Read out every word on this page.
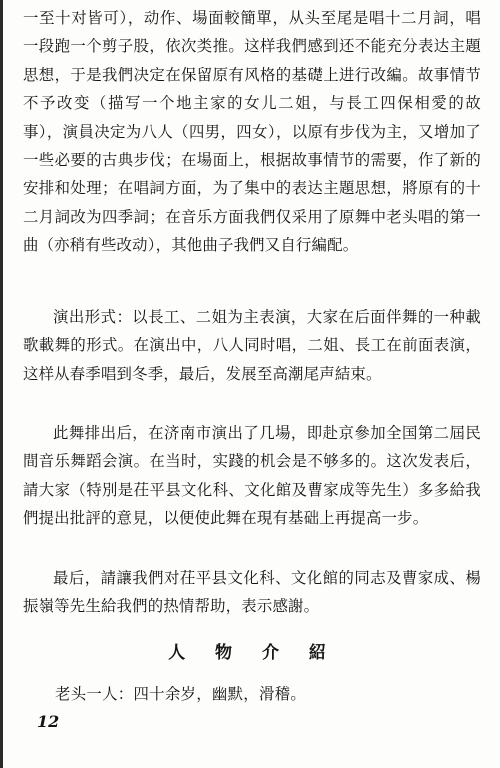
一至十对皆可），动作、場面較簡單，从头至尾是唱十二月詞，唱一段跑一个剪子股，依次类推。这样我們感到还不能充分表达主題思想，于是我們决定在保留原有风格的基礎上进行改編。故事情节不予改变（描写一个地主家的女儿二姐，与長工四保相愛的故事），演員决定为八人（四男，四女），以原有步伐为主，又增加了一些必要的古典步伐；在場面上，根据故事情节的需要，作了新的安排和处理；在唱詞方面，为了集中的表达主題思想，將原有的十二月詞改为四季詞；在音乐方面我們仅采用了原舞中老头唱的第一曲（亦稍有些改动），其他曲子我們又自行編配。

演出形式：以長工、二姐为主表演，大家在后面伴舞的一种載歌載舞的形式。在演出中，八人同时唱，二姐、長工在前面表演，这样从春季唱到冬季，最后，发展至高潮尾声結束。

此舞排出后，在济南市演出了几場，即赴京參加全国第二屆民間音乐舞蹈会演。在当时，实踐的机会是不够多的。这次发表后，請大家（特別是茌平县文化科、文化館及曹家成等先生）多多給我們提出批評的意見，以便使此舞在現有基础上再提高一步。

最后，請讓我們对茌平县文化科、文化館的同志及曹家成、楊振嶺等先生給我們的热情帮助，表示感謝。

人 物 介 紹

老头一人：四十余岁，幽默，滑稽。

12
